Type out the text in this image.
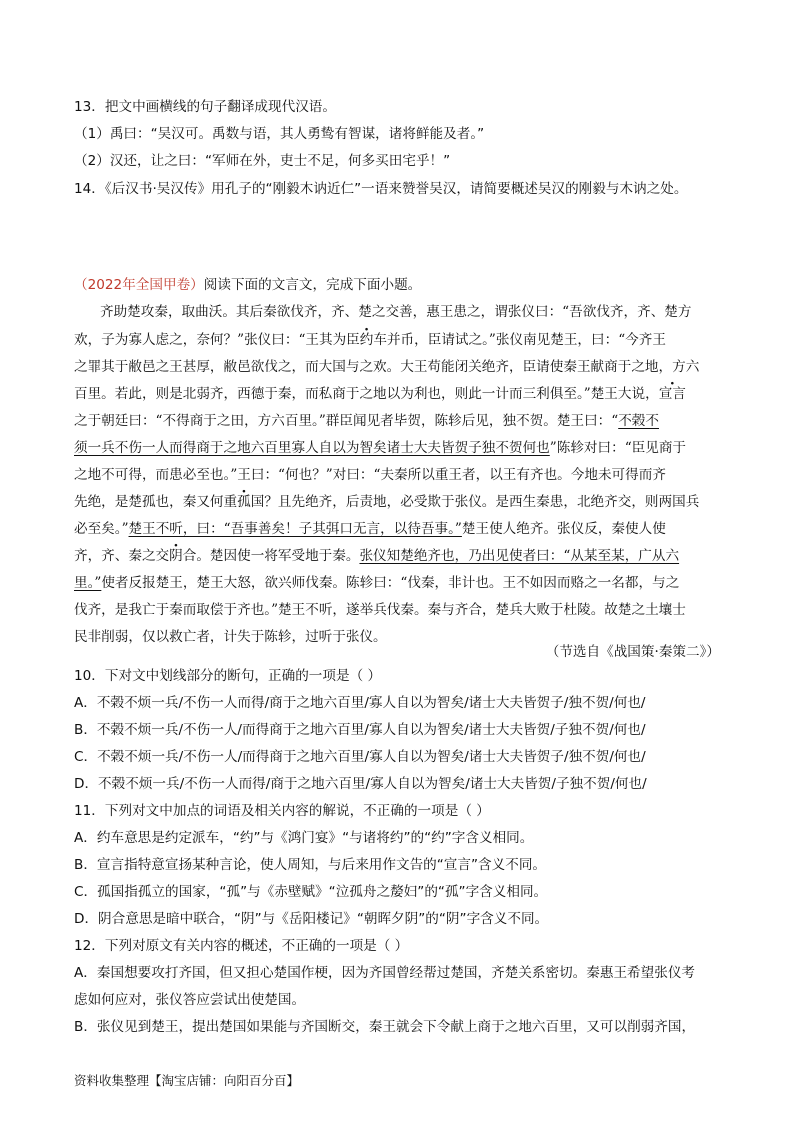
13．把文中画横线的句子翻译成现代汉语。
（1）禹曰：“吴汉可。禹数与语，其人勇鸷有智谋，诸将鲜能及者。”
（2）汉还，让之曰：“军师在外，吏士不足，何多买田宅乎！”
14．《后汉书·吴汉传》用孔子的“刚毅木讷近仁”一语来赞誉吴汉，请简要概述吴汉的刚毅与木讷之处。
（2022年全国甲卷）阅读下面的文言文，完成下面小题。
齐助楚攻秦，取曲沃。其后秦欲伐齐，齐、楚之交善，惠王患之，谓张仪曰：“吾欲伐齐，齐、楚方
欢，子为寡人虑之，奈何？”张仪曰：“王其为臣约车并币，臣请试之。”张仪南见楚王，曰：“今齐王
之罪其于敝邑之王甚厚，敝邑欲伐之，而大国与之欢。大王苟能闭关绝齐，臣请使秦王献商于之地，方六
百里。若此，则是北弱齐，西德于秦，而私商于之地以为利也，则此一计而三利俱至。”楚王大说，宣言
之于朝廷曰：“不得商于之田，方六百里。”群臣闻见者毕贺，陈轸后见，独不贺。楚王曰：“不榖不
须一兵不伤一人而得商于之地六百里寡人自以为智矣诸士大夫皆贺子独不贺何也”陈轸对曰：“臣见商于
之地不可得，而患必至也。”王曰：“何也？”对曰：“夫秦所以重王者，以王有齐也。今地未可得而齐
先绝，是楚孤也，秦又何重孤国？且先绝齐，后责地，必受欺于张仪。是西生秦患，北绝齐交，则两国兵
必至矣。”楚王不听，曰：“吾事善矣！子其弭口无言，以待吾事。”楚王使人绝齐。张仪反，秦使人使
齐，齐、秦之交阴合。楚因使一将军受地于秦。张仪知楚绝齐也，乃出见使者曰：“从某至某，广从六
里。”使者反报楚王，楚王大怒，欲兴师伐秦。陈轸曰：“伐秦，非计也。王不如因而赂之一名都，与之
伐齐，是我亡于秦而取偿于齐也。”楚王不听，遂举兵伐秦。秦与齐合，楚兵大败于杜陵。故楚之土壤士
民非削弱，仅以救亡者，计失于陈轸，过听于张仪。
（节选自《战国策·秦策二》）
10．下对文中划线部分的断句，正确的一项是（ ）
A．不榖不烦一兵/不伤一人而得/商于之地六百里/寡人自以为智矣/诸士大夫皆贺子/独不贺/何也/
B．不榖不烦一兵/不伤一人/而得商于之地六百里/寡人自以为智矣/诸士大夫皆贺/子独不贺/何也/
C．不榖不烦一兵/不伤一人/而得商于之地六百里/寡人自以为智矣/诸士大夫皆贺子/独不贺/何也/
D．不榖不烦一兵/不伤一人而得/商于之地六百里/寡人自以为智矣/诸士大夫皆贺/子独不贺/何也/
11．下列对文中加点的词语及相关内容的解说，不正确的一项是（ ）
A．约车意思是约定派车，“约”与《鸿门宴》“与诸将约”的“约”字含义相同。
B．宣言指特意宣扬某种言论，使人周知，与后来用作文告的“宣言”含义不同。
C．孤国指孤立的国家，“孤”与《赤壁赋》“泣孤舟之嫠妇”的“孤”字含义相同。
D．阴合意思是暗中联合，“阴”与《岳阳楼记》“朝晖夕阴”的“阴”字含义不同。
12．下列对原文有关内容的概述，不正确的一项是（ ）
A．秦国想要攻打齐国，但又担心楚国作梗，因为齐国曾经帮过楚国，齐楚关系密切。秦惠王希望张仪考
虑如何应对，张仪答应尝试出使楚国。
B．张仪见到楚王，提出楚国如果能与齐国断交，秦王就会下令献上商于之地六百里，又可以削弱齐国，
资料收集整理【淘宝店铺：向阳百分百】
